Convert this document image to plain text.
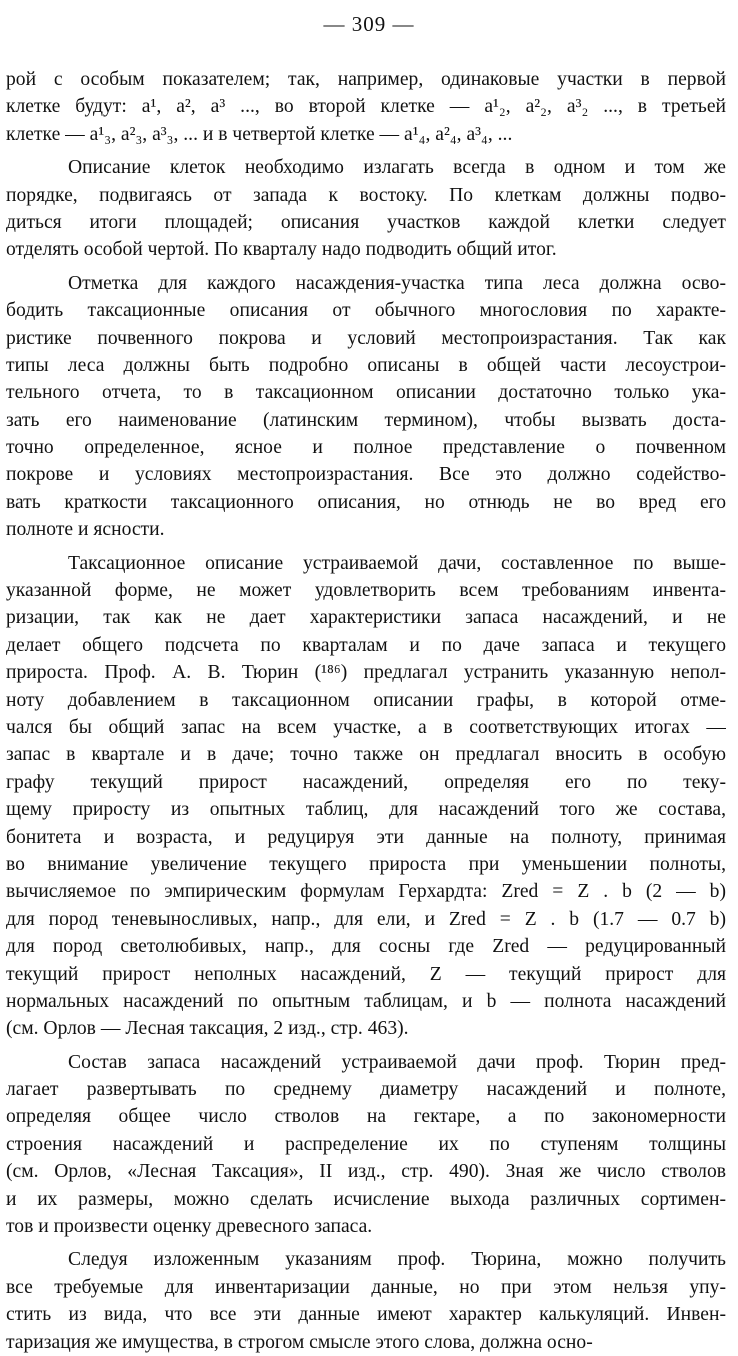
— 309 —
рой с особым показателем; так, например, одинаковые участки в первой
клетке будут: a¹, a², a³ ..., во второй клетке — a¹₂, a²₂, a³₂ ..., в третьей
клетке — a¹₃, a²₃, a³₃, ... и в четвертой клетке — a¹₄, a²₄, a³₄, ...
Описание клеток необходимо излагать всегда в одном и том же
порядке, подвигаясь от запада к востоку. По клеткам должны подво-
диться итоги площадей; описания участков каждой клетки следует
отделять особой чертой. По кварталу надо подводить общий итог.
Отметка для каждого насаждения-участка типа леса должна осво-
бодить таксационные описания от обычного многословия по характе-
ристике почвенного покрова и условий местопроизрастания. Так как
типы леса должны быть подробно описаны в общей части лесоустрои-
тельного отчета, то в таксационном описании достаточно только ука-
зать его наименование (латинским термином), чтобы вызвать доста-
точно определенное, ясное и полное представление о почвенном
покрове и условиях местопроизрастания. Все это должно содейство-
вать краткости таксационного описания, но отнюдь не во вред его
полноте и ясности.
Таксационное описание устраиваемой дачи, составленное по выше-
указанной форме, не может удовлетворить всем требованиям инвента-
ризации, так как не дает характеристики запаса насаждений, и не
делает общего подсчета по кварталам и по даче запаса и текущего
прироста. Проф. А. В. Тюрин (¹⁸⁶) предлагал устранить указанную непол-
ноту добавлением в таксационном описании графы, в которой отме-
чался бы общий запас на всем участке, а в соответствующих итогах —
запас в квартале и в даче; точно также он предлагал вносить в особую
графу текущий прирост насаждений, определяя его по теку-
щему приросту из опытных таблиц, для насаждений того же состава,
бонитета и возраста, и редуцируя эти данные на полноту, принимая
во внимание увеличение текущего прироста при уменьшении полноты,
вычисляемое по эмпирическим формулам Герхардта: Zred = Z . b (2 — b)
для пород теневыносливых, напр., для ели, и Zred = Z . b (1.7 — 0.7 b)
для пород светолюбивых, напр., для сосны где Zred — редуцированный
текущий прирост неполных насаждений, Z — текущий прирост для
нормальных насаждений по опытным таблицам, и b — полнота насаждений
(см. Орлов — Лесная таксация, 2 изд., стр. 463).
Состав запаса насаждений устраиваемой дачи проф. Тюрин пред-
лагает развертывать по среднему диаметру насаждений и полноте,
определяя общее число стволов на гектаре, а по закономерности
строения насаждений и распределение их по ступеням толщины
(см. Орлов, «Лесная Таксация», II изд., стр. 490). Зная же число стволов
и их размеры, можно сделать исчисление выхода различных сортимен-
тов и произвести оценку древесного запаса.
Следуя изложенным указаниям проф. Тюрина, можно получить
все требуемые для инвентаризации данные, но при этом нельзя упу-
стить из вида, что все эти данные имеют характер калькуляций. Инвен-
таризация же имущества, в строгом смысле этого слова, должна осно-
